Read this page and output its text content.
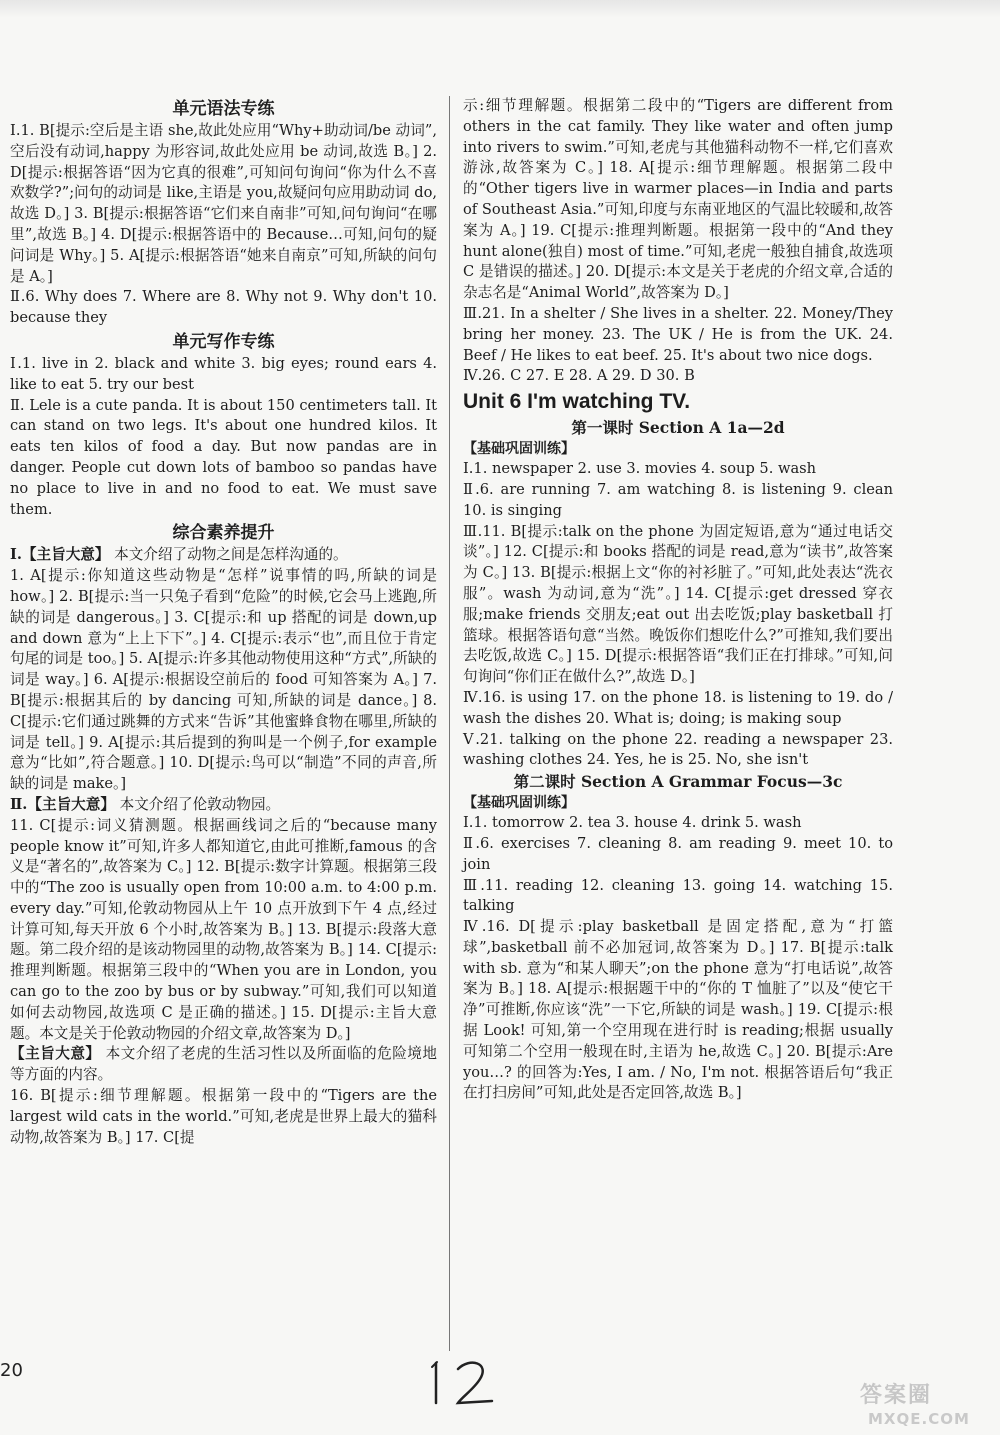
单元语法专练
Ⅰ.1. B[提示:空后是主语 she,故此处应用“Why+助动词/be 动词”,空后没有动词,happy 为形容词,故此处应用 be 动词,故选 B。] 2. D[提示:根据答语“因为它真的很难”,可知问句询问“你为什么不喜欢数学?”;问句的动词是 like,主语是 you,故疑问句应用助动词 do,故选 D。] 3. B[提示:根据答语“它们来自南非”可知,问句询问“在哪里”,故选 B。] 4. D[提示:根据答语中的 Because…可知,问句的疑问词是 Why。] 5. A[提示:根据答语“她来自南京”可知,所缺的问句是 A。]
Ⅱ.6. Why does 7. Where are 8. Why not 9. Why don't 10. because they
单元写作专练
Ⅰ.1. live in 2. black and white 3. big eyes; round ears 4. like to eat 5. try our best
Ⅱ. Lele is a cute panda. It is about 150 centimeters tall. It can stand on two legs. It's about one hundred kilos. It eats ten kilos of food a day. But now pandas are in danger. People cut down lots of bamboo so pandas have no place to live in and no food to eat. We must save them.
综合素养提升
Ⅰ.【主旨大意】 本文介绍了动物之间是怎样沟通的。
1. A[提示:你知道这些动物是“怎样”说事情的吗,所缺的词是 how。] 2. B[提示:当一只兔子看到“危险”的时候,它会马上逃跑,所缺的词是 dangerous。] 3. C[提示:和 up 搭配的词是 down,up and down 意为“上上下下”。] 4. C[提示:表示“也”,而且位于肯定句尾的词是 too。] 5. A[提示:许多其他动物使用这种“方式”,所缺的词是 way。] 6. A[提示:根据设空前后的 food 可知答案为 A。] 7. B[提示:根据其后的 by dancing 可知,所缺的词是 dance。] 8. C[提示:它们通过跳舞的方式来“告诉”其他蜜蜂食物在哪里,所缺的词是 tell。] 9. A[提示:其后提到的狗叫是一个例子,for example 意为“比如”,符合题意。] 10. D[提示:鸟可以“制造”不同的声音,所缺的词是 make。]
Ⅱ.【主旨大意】 本文介绍了伦敦动物园。
11. C[提示:词义猜测题。根据画线词之后的“because many people know it”可知,许多人都知道它,由此可推断,famous 的含义是“著名的”,故答案为 C。] 12. B[提示:数字计算题。根据第三段中的“The zoo is usually open from 10:00 a.m. to 4:00 p.m. every day.”可知,伦敦动物园从上午 10 点开放到下午 4 点,经过计算可知,每天开放 6 个小时,故答案为 B。] 13. B[提示:段落大意题。第二段介绍的是该动物园里的动物,故答案为 B。] 14. C[提示:推理判断题。根据第三段中的“When you are in London, you can go to the zoo by bus or by subway.”可知,我们可以知道如何去动物园,故选项 C 是正确的描述。] 15. D[提示:主旨大意题。本文是关于伦敦动物园的介绍文章,故答案为 D。]
【主旨大意】 本文介绍了老虎的生活习性以及所面临的危险境地等方面的内容。
16. B[提示:细节理解题。根据第一段中的“Tigers are the largest wild cats in the world.”可知,老虎是世界上最大的猫科动物,故答案为 B。] 17. C[提
示:细节理解题。根据第二段中的“Tigers are different from others in the cat family. They like water and often jump into rivers to swim.”可知,老虎与其他猫科动物不一样,它们喜欢游泳,故答案为 C。] 18. A[提示:细节理解题。根据第二段中的“Other tigers live in warmer places—in India and parts of Southeast Asia.”可知,印度与东南亚地区的气温比较暖和,故答案为 A。] 19. C[提示:推理判断题。根据第一段中的“And they hunt alone(独自) most of time.”可知,老虎一般独自捕食,故选项 C 是错误的描述。] 20. D[提示:本文是关于老虎的介绍文章,合适的杂志名是“Animal World”,故答案为 D。]
Ⅲ.21. In a shelter / She lives in a shelter. 22. Money/They bring her money. 23. The UK / He is from the UK. 24. Beef / He likes to eat beef. 25. It's about two nice dogs.
Ⅳ.26. C 27. E 28. A 29. D 30. B
Unit 6 I'm watching TV.
第一课时 Section A 1a—2d
【基础巩固训练】
Ⅰ.1. newspaper 2. use 3. movies 4. soup 5. wash
Ⅱ.6. are running 7. am watching 8. is listening 9. clean 10. is singing
Ⅲ.11. B[提示:talk on the phone 为固定短语,意为“通过电话交谈”。] 12. C[提示:和 books 搭配的词是 read,意为“读书”,故答案为 C。] 13. B[提示:根据上文“你的衬衫脏了。”可知,此处表达“洗衣服”。wash 为动词,意为“洗”。] 14. C[提示:get dressed 穿衣服;make friends 交朋友;eat out 出去吃饭;play basketball 打篮球。根据答语句意“当然。晚饭你们想吃什么?”可推知,我们要出去吃饭,故选 C。] 15. D[提示:根据答语“我们正在打排球。”可知,问句询问“你们正在做什么?”,故选 D。]
Ⅳ.16. is using 17. on the phone 18. is listening to 19. do / wash the dishes 20. What is; doing; is making soup
Ⅴ.21. talking on the phone 22. reading a newspaper 23. washing clothes 24. Yes, he is 25. No, she isn't
第二课时 Section A Grammar Focus—3c
【基础巩固训练】
Ⅰ.1. tomorrow 2. tea 3. house 4. drink 5. wash
Ⅱ.6. exercises 7. cleaning 8. am reading 9. meet 10. to join
Ⅲ.11. reading 12. cleaning 13. going 14. watching 15. talking
Ⅳ.16. D[提示:play basketball 是固定搭配,意为“打篮球”,basketball 前不必加冠词,故答案为 D。] 17. B[提示:talk with sb. 意为“和某人聊天”;on the phone 意为“打电话说”,故答案为 B。] 18. A[提示:根据题干中的“你的 T 恤脏了”以及“使它干净”可推断,你应该“洗”一下它,所缺的词是 wash。] 19. C[提示:根据 Look! 可知,第一个空用现在进行时 is reading;根据 usually 可知第二个空用一般现在时,主语为 he,故选 C。] 20. B[提示:Are you…? 的回答为:Yes, I am. / No, I'm not. 根据答语后句“我正在打扫房间”可知,此处是否定回答,故选 B。]
20
答案圈
MXQE.COM
